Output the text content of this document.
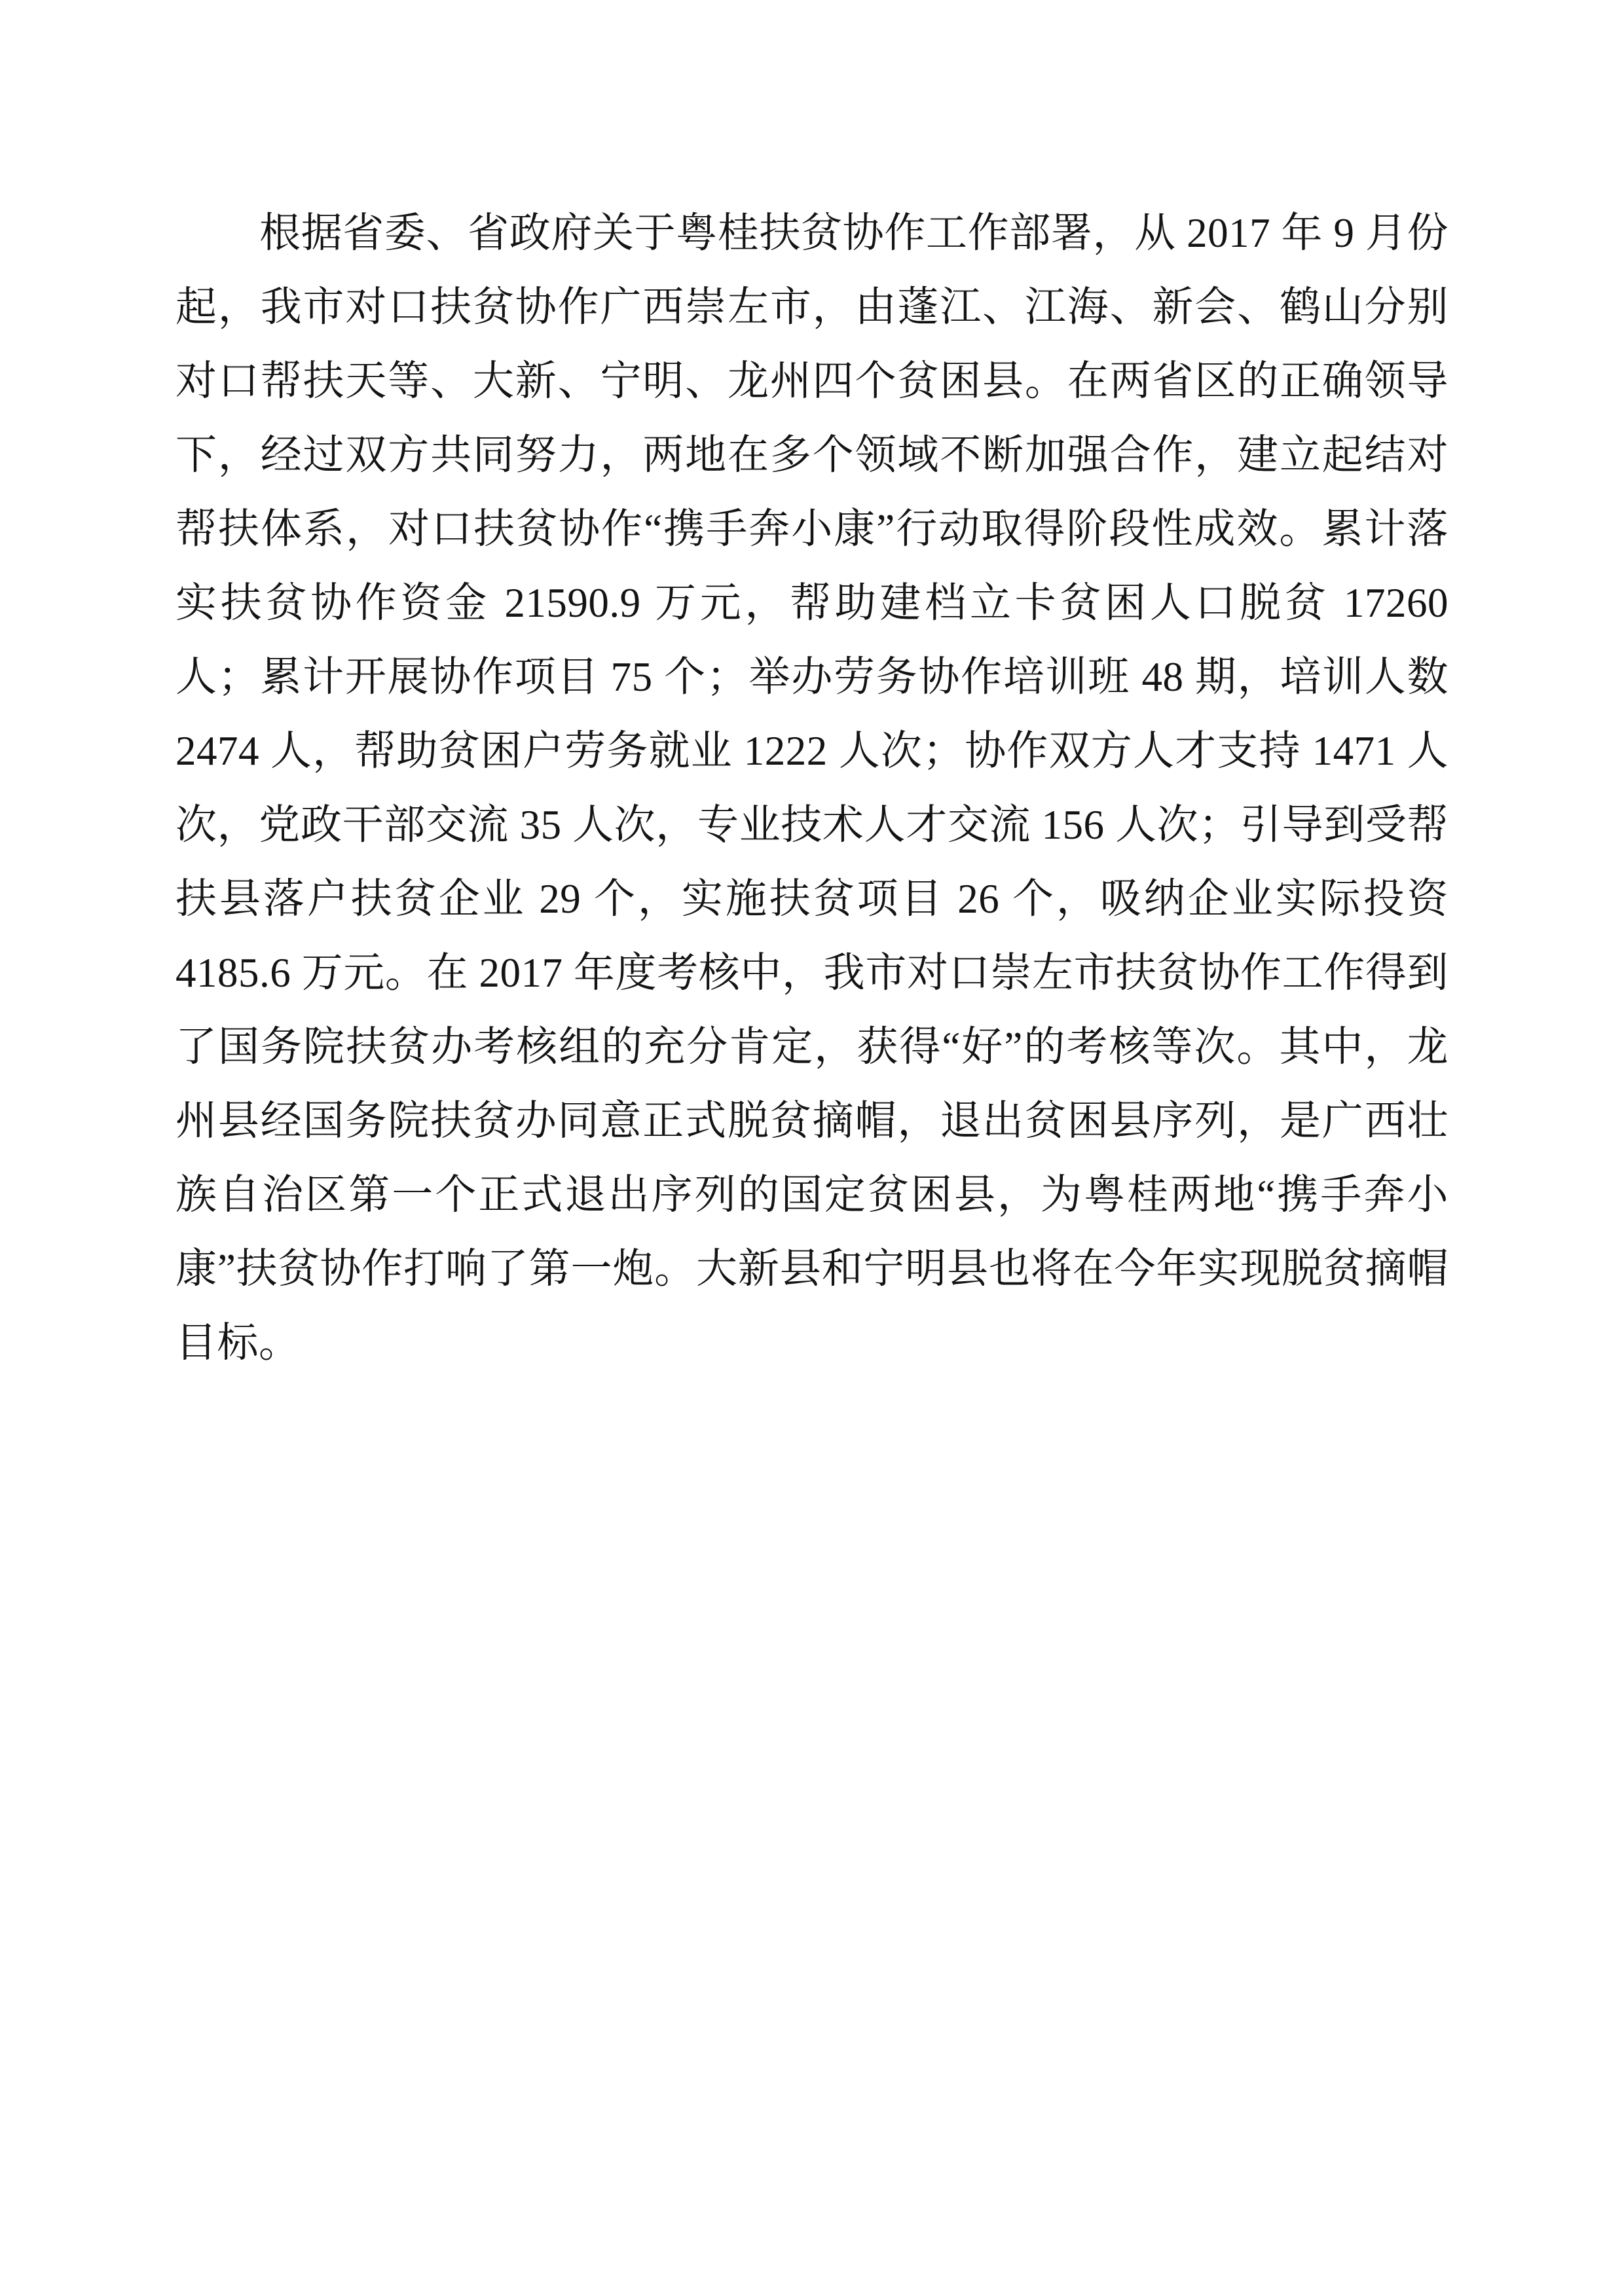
根据省委、省政府关于粤桂扶贫协作工作部署，从 2017 年 9 月份起，我市对口扶贫协作广西崇左市，由蓬江、江海、新会、鹤山分别对口帮扶天等、大新、宁明、龙州四个贫困县。在两省区的正确领导下，经过双方共同努力，两地在多个领域不断加强合作，建立起结对帮扶体系，对口扶贫协作“携手奔小康”行动取得阶段性成效。累计落实扶贫协作资金 21590.9 万元，帮助建档立卡贫困人口脱贫 17260 人；累计开展协作项目 75 个；举办劳务协作培训班 48 期，培训人数 2474 人，帮助贫困户劳务就业 1222 人次；协作双方人才支持 1471 人次，党政干部交流 35 人次，专业技术人才交流 156 人次；引导到受帮扶县落户扶贫企业 29 个，实施扶贫项目 26 个，吸纳企业实际投资 4185.6 万元。在 2017 年度考核中，我市对口崇左市扶贫协作工作得到了国务院扶贫办考核组的充分肯定，获得“好”的考核等次。其中，龙州县经国务院扶贫办同意正式脱贫摘帽，退出贫困县序列，是广西壮族自治区第一个正式退出序列的国定贫困县，为粤桂两地“携手奔小康”扶贫协作打响了第一炮。大新县和宁明县也将在今年实现脱贫摘帽目标。
